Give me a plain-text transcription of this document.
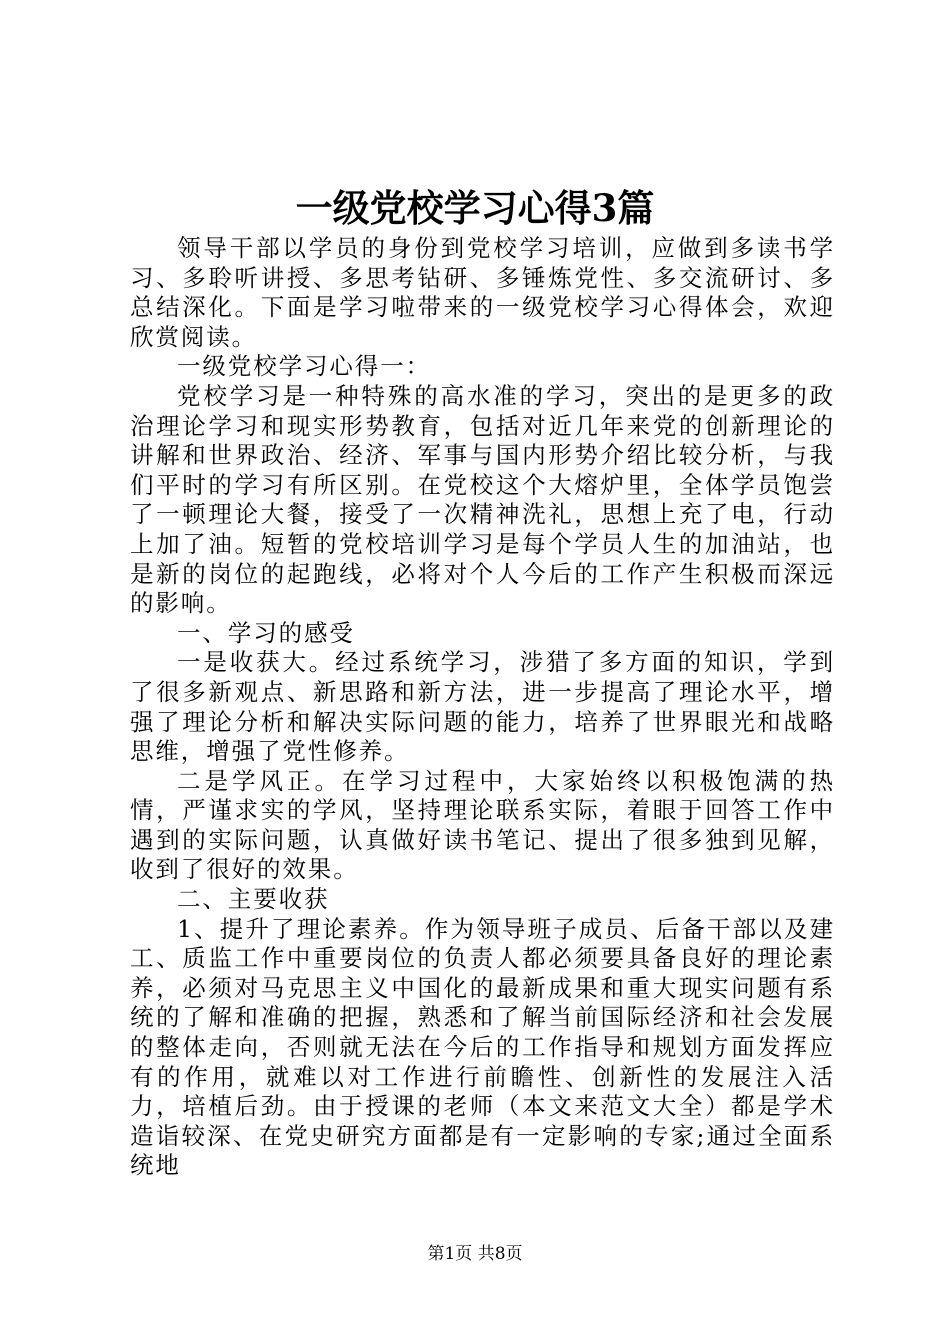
一级党校学习心得3篇

领导干部以学员的身份到党校学习培训，应做到多读书学习、多聆听讲授、多思考钻研、多锤炼党性、多交流研讨、多总结深化。下面是学习啦带来的一级党校学习心得体会，欢迎欣赏阅读。

一级党校学习心得一：

党校学习是一种特殊的高水准的学习，突出的是更多的政治理论学习和现实形势教育，包括对近几年来党的创新理论的讲解和世界政治、经济、军事与国内形势介绍比较分析，与我们平时的学习有所区别。在党校这个大熔炉里，全体学员饱尝了一顿理论大餐，接受了一次精神洗礼，思想上充了电，行动上加了油。短暂的党校培训学习是每个学员人生的加油站，也是新的岗位的起跑线，必将对个人今后的工作产生积极而深远的影响。

一、学习的感受

一是收获大。经过系统学习，涉猎了多方面的知识，学到了很多新观点、新思路和新方法，进一步提高了理论水平，增强了理论分析和解决实际问题的能力，培养了世界眼光和战略思维，增强了党性修养。

二是学风正。在学习过程中，大家始终以积极饱满的热情，严谨求实的学风，坚持理论联系实际，着眼于回答工作中遇到的实际问题，认真做好读书笔记、提出了很多独到见解，收到了很好的效果。

二、主要收获

1、提升了理论素养。作为领导班子成员、后备干部以及建工、质监工作中重要岗位的负责人都必须要具备良好的理论素养，必须对马克思主义中国化的最新成果和重大现实问题有系统的了解和准确的把握，熟悉和了解当前国际经济和社会发展的整体走向，否则就无法在今后的工作指导和规划方面发挥应有的作用，就难以对工作进行前瞻性、创新性的发展注入活力，培植后劲。由于授课的老师（本文来范文大全）都是学术造诣较深、在党史研究方面都是有一定影响的专家;通过全面系统地

第1页 共8页
